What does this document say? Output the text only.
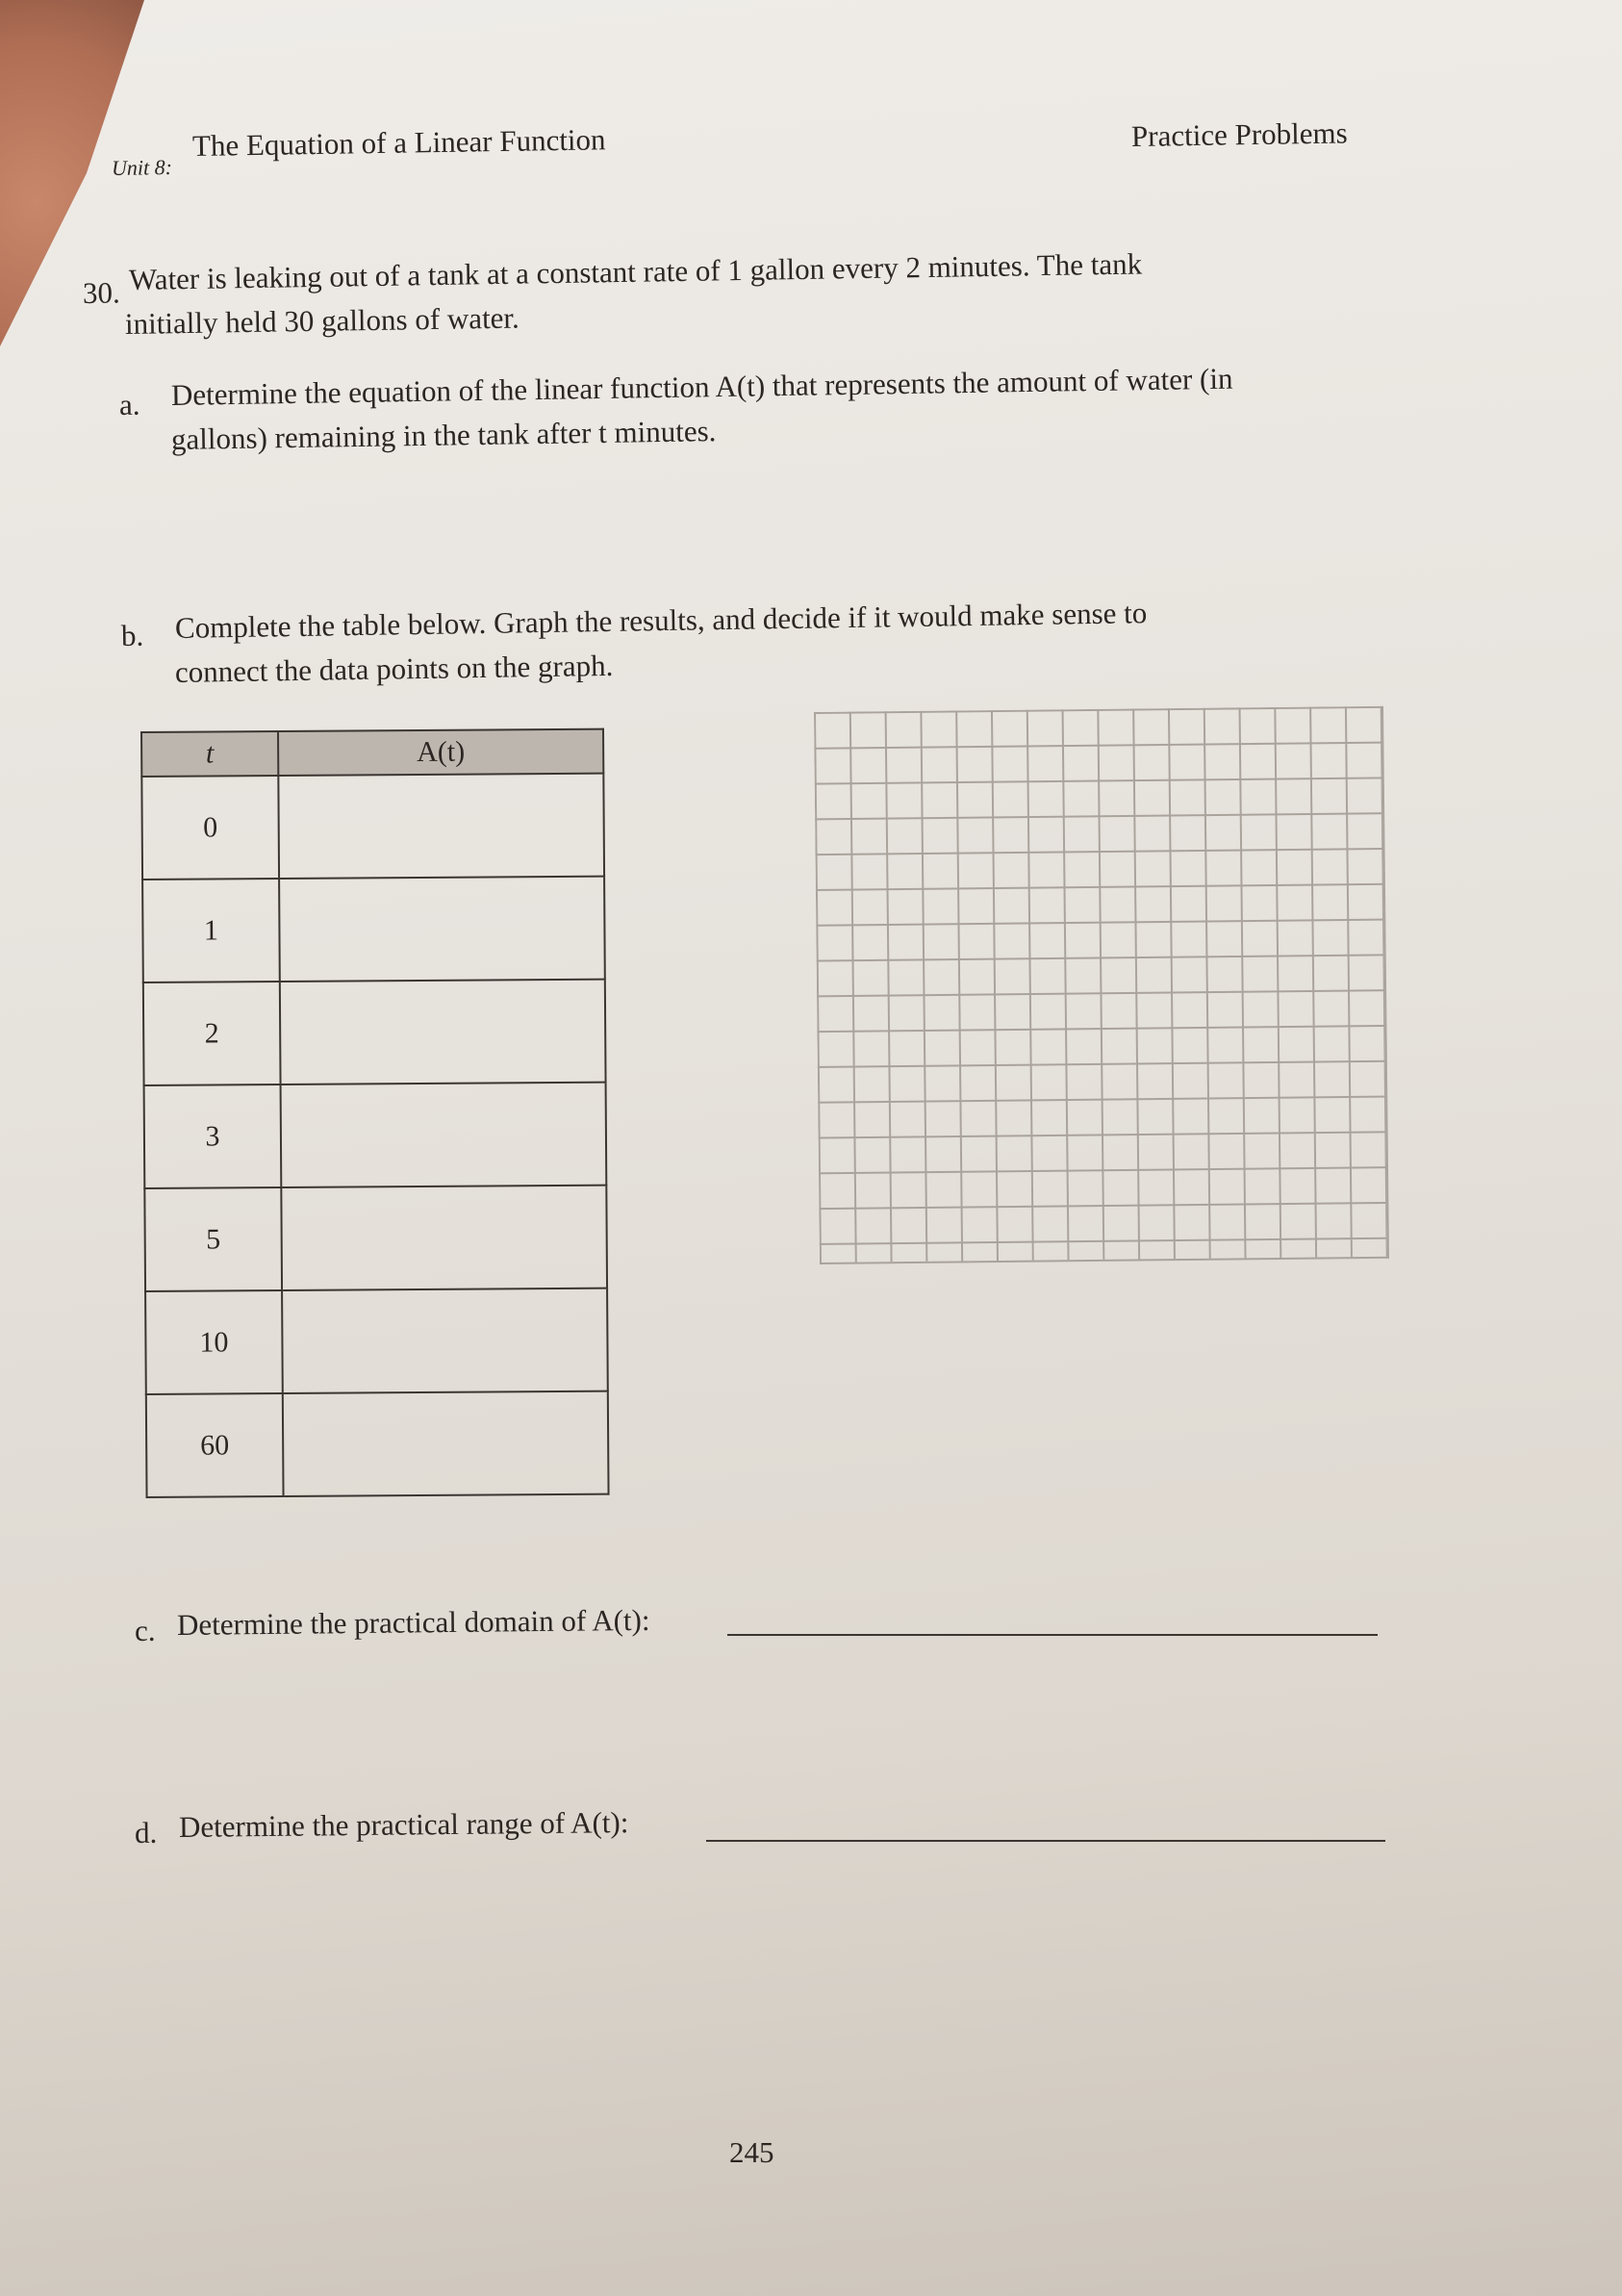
Unit 8:
The Equation of a Linear Function	Practice Problems
30. Water is leaking out of a tank at a constant rate of 1 gallon every 2 minutes. The tank
initially held 30 gallons of water.
a. Determine the equation of the linear function A(t) that represents the amount of water (in
gallons) remaining in the tank after t minutes.
b. Complete the table below. Graph the results, and decide if it would make sense to
connect the data points on the graph.
t	A(t)
0	
1	
2	
3	
5	
10	
60	
c. Determine the practical domain of A(t):
d. Determine the practical range of A(t):
245
